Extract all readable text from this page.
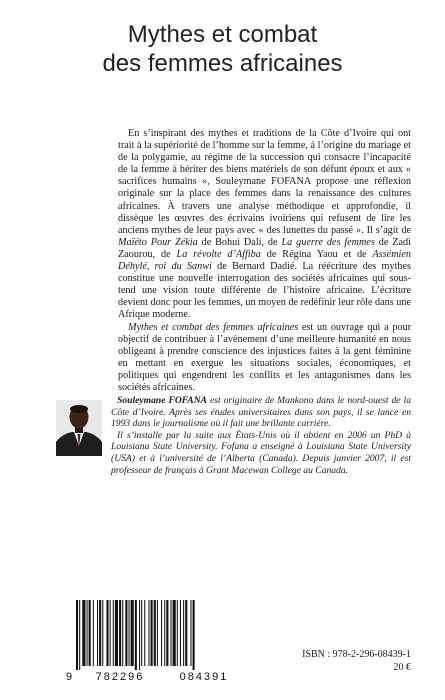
Mythes et combat
des femmes africaines

En s’inspirant des mythes et traditions de la Côte d’Ivoire qui ont trait à la supériorité de l’homme sur la femme, à l’origine du mariage et de la polygamie, au régime de la succession qui consacre l’incapacité de la femme à hériter des biens matériels de son défunt époux et aux « sacrifices humains », Souleymane FOFANA propose une réflexion originale sur la place des femmes dans la renaissance des cultures africaines. À travers une analyse méthodique et approfondie, il dissèque les œuvres des écrivains ivoiriens qui refusent de lire les anciens mythes de leur pays avec « des lunettes du passé ». Il s’agit de Maïéto Pour Zékia de Bohui Dali, de La guerre des femmes de Zadi Zaourou, de La révolte d’Affiba de Régina Yaou et de Assémien Déhylé, roi du Sanwi de Bernard Dadié. La réécriture des mythes constitue une nouvelle interrogation des sociétés africaines qui sous-tend une vision toute différente de l’histoire africaine. L’écriture devient donc pour les femmes, un moyen de redéfinir leur rôle dans une Afrique moderne.

Mythes et combat des femmes africaines est un ouvrage qui a pour objectif de contribuer à l’avènement d’une meilleure humanité en nous obligeant à prendre conscience des injustices faites à la gent féminine en mettant en exergue les situations sociales, économiques, et politiques qui engendrent les conflits et les antagonismes dans les sociétés africaines.

Souleymane FOFANA est originaire de Mankono dans le nord-ouest de la Côte d’Ivoire. Après ses études universitaires dans son pays, il se lance en 1993 dans le journalisme où il fait une brillante carrière.

Il s’installe par la suite aux États-Unis où il obtient en 2006 un PhD à Louisiana State University. Fofana a enseigné à Louisiana State University (USA) et à l’université de l’Alberta (Canada). Depuis janvier 2007, il est professeur de français à Grant Macewan College au Canada.

9 782296	084391
ISBN : 978-2-296-08439-1
20 €
